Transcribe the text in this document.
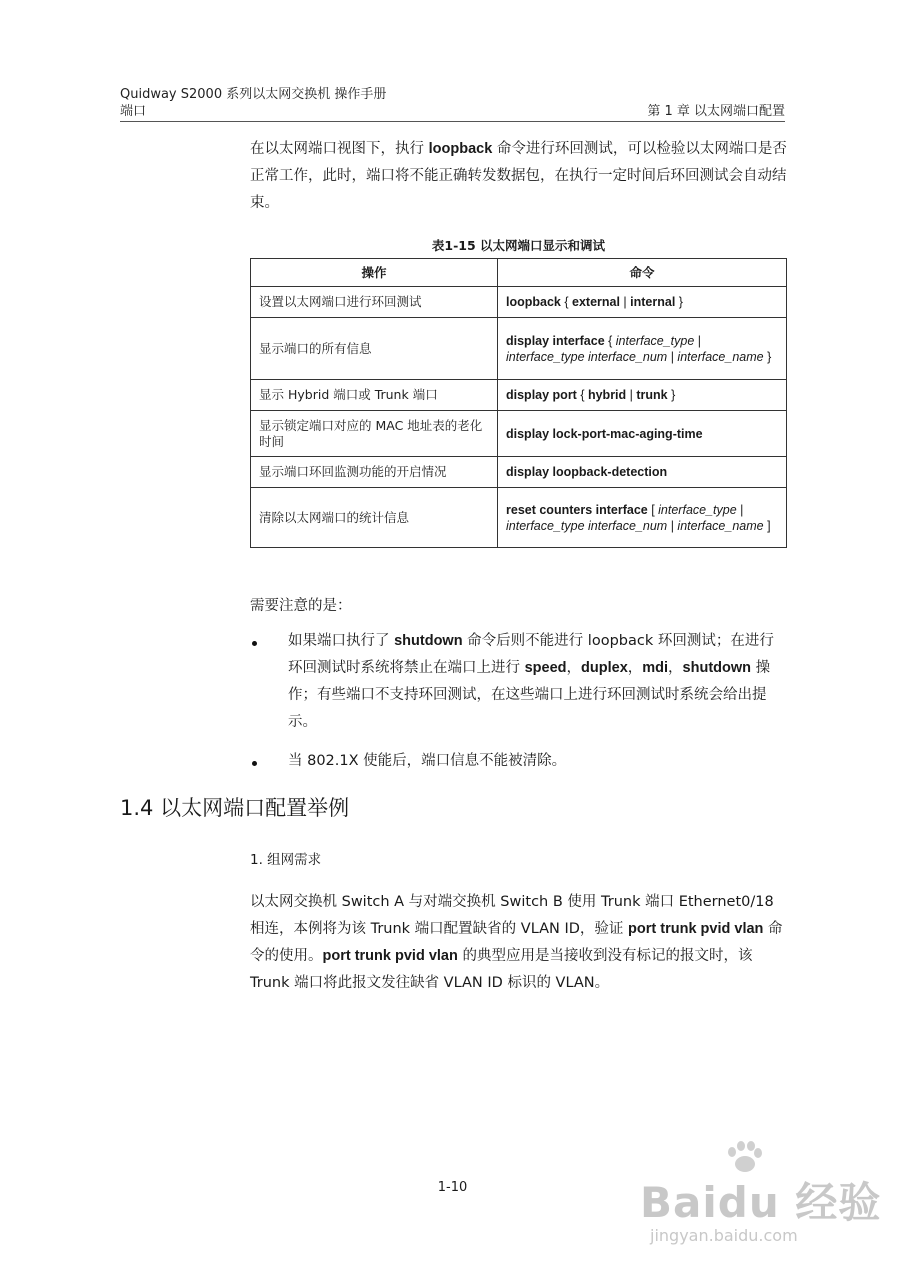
Quidway S2000 系列以太网交换机 操作手册
端口	第 1 章 以太网端口配置
在以太网端口视图下，执行 loopback 命令进行环回测试，可以检验以太网端口是否正常工作，此时，端口将不能正确转发数据包，在执行一定时间后环回测试会自动结束。
表1-15 以太网端口显示和调试
操作	命令
设置以太网端口进行环回测试	loopback { external | internal }
显示端口的所有信息	display interface { interface_type | interface_type interface_num | interface_name }
显示 Hybrid 端口或 Trunk 端口	display port { hybrid | trunk }
显示锁定端口对应的 MAC 地址表的老化时间	display lock-port-mac-aging-time
显示端口环回监测功能的开启情况	display loopback-detection
清除以太网端口的统计信息	reset counters interface [ interface_type | interface_type interface_num | interface_name ]
需要注意的是：
如果端口执行了 shutdown 命令后则不能进行 loopback 环回测试；在进行环回测试时系统将禁止在端口上进行 speed，duplex，mdi，shutdown 操作；有些端口不支持环回测试，在这些端口上进行环回测试时系统会给出提示。
当 802.1X 使能后，端口信息不能被清除。
1.4 以太网端口配置举例
1. 组网需求
以太网交换机 Switch A 与对端交换机 Switch B 使用 Trunk 端口 Ethernet0/18 相连，本例将为该 Trunk 端口配置缺省的 VLAN ID，验证 port trunk pvid vlan 命令的使用。port trunk pvid vlan 的典型应用是当接收到没有标记的报文时，该 Trunk 端口将此报文发往缺省 VLAN ID 标识的 VLAN。
1-10	Baidu 经验
jingyan.baidu.com
